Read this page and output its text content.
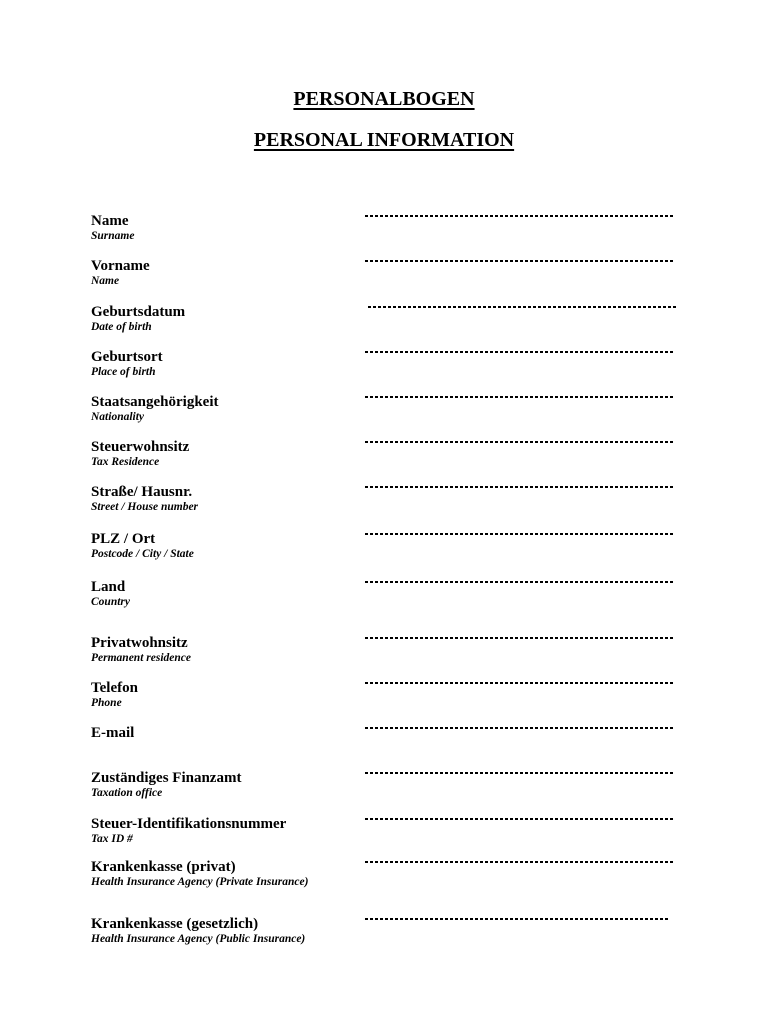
PERSONALBOGEN
PERSONAL INFORMATION
Name
Surname
Vorname
Name
Geburtsdatum
Date of birth
Geburtsort
Place of birth
Staatsangehörigkeit
Nationality
Steuerwohnsitz
Tax Residence
Straße/ Hausnr.
Street / House number
PLZ / Ort
Postcode / City / State
Land
Country
Privatwohnsitz
Permanent residence
Telefon
Phone
E-mail
Zuständiges Finanzamt
Taxation office
Steuer-Identifikationsnummer
Tax ID #
Krankenkasse (privat)
Health Insurance Agency (Private Insurance)
Krankenkasse (gesetzlich)
Health Insurance Agency (Public Insurance)
